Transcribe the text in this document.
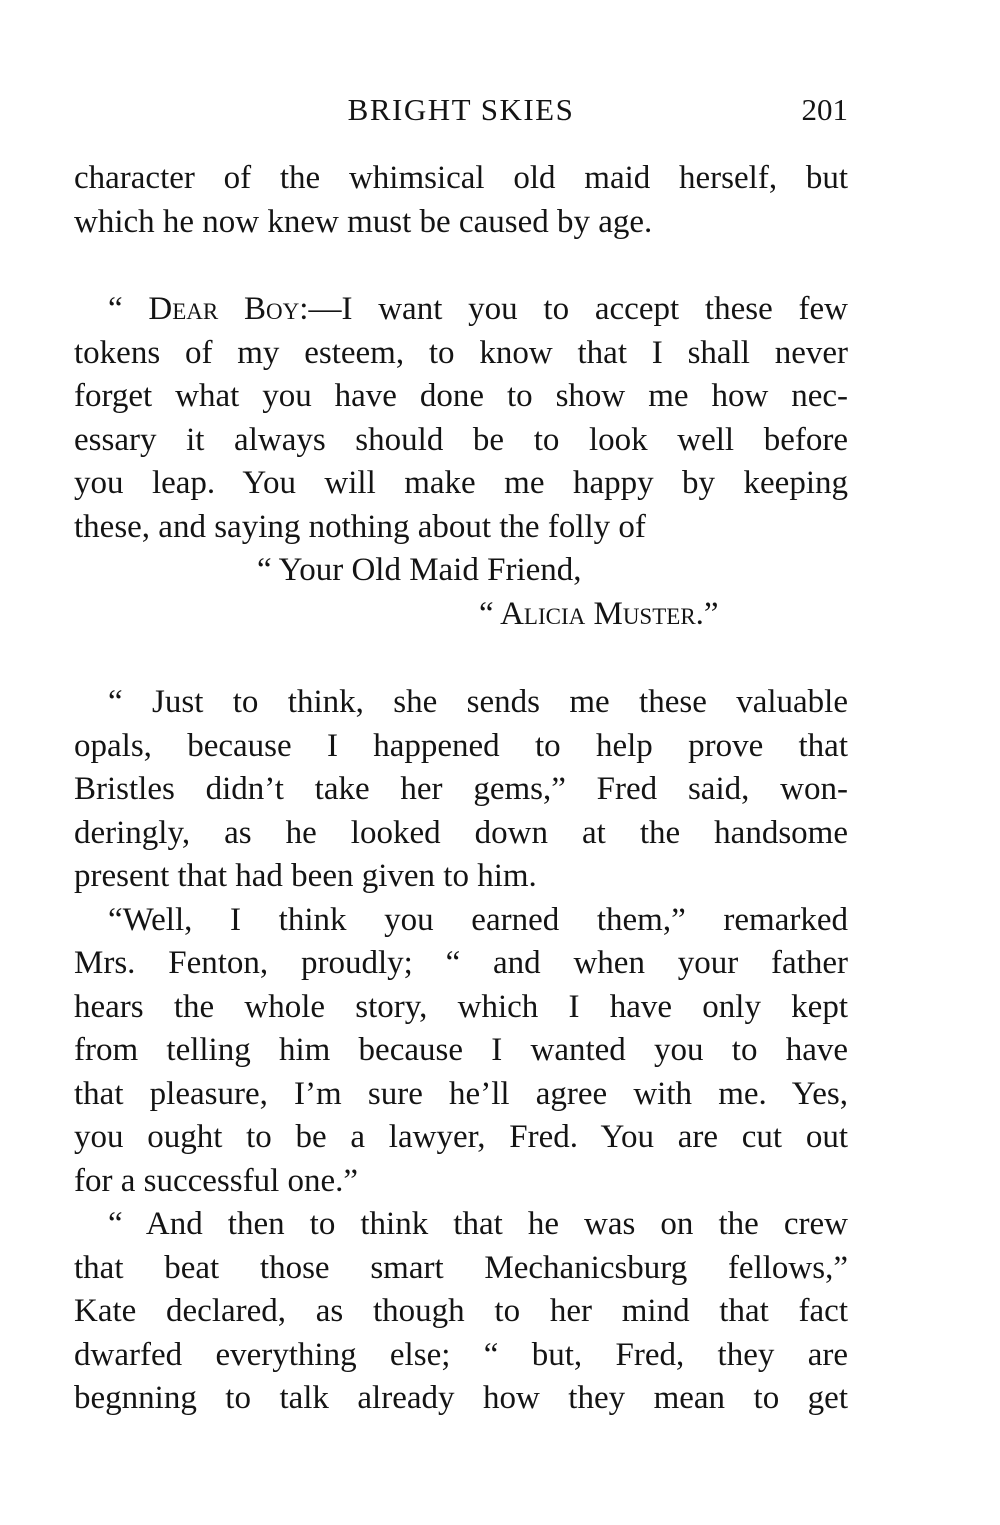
BRIGHT SKIES	201
character of the whimsical old maid herself, but
which he now knew must be caused by age.
“ Dear Boy:—I want you to accept these few
tokens of my esteem, to know that I shall never
forget what you have done to show me how nec-
essary it always should be to look well before
you leap. You will make me happy by keeping
these, and saying nothing about the folly of
“ Your Old Maid Friend,
“ Alicia Muster.”
“ Just to think, she sends me these valuable
opals, because I happened to help prove that
Bristles didn’t take her gems,” Fred said, won-
deringly, as he looked down at the handsome
present that had been given to him.
“Well, I think you earned them,” remarked
Mrs. Fenton, proudly; “ and when your father
hears the whole story, which I have only kept
from telling him because I wanted you to have
that pleasure, I’m sure he’ll agree with me. Yes,
you ought to be a lawyer, Fred. You are cut out
for a successful one.”
“ And then to think that he was on the crew
that beat those smart Mechanicsburg fellows,”
Kate declared, as though to her mind that fact
dwarfed everything else; “ but, Fred, they are
begnning to talk already how they mean to get
